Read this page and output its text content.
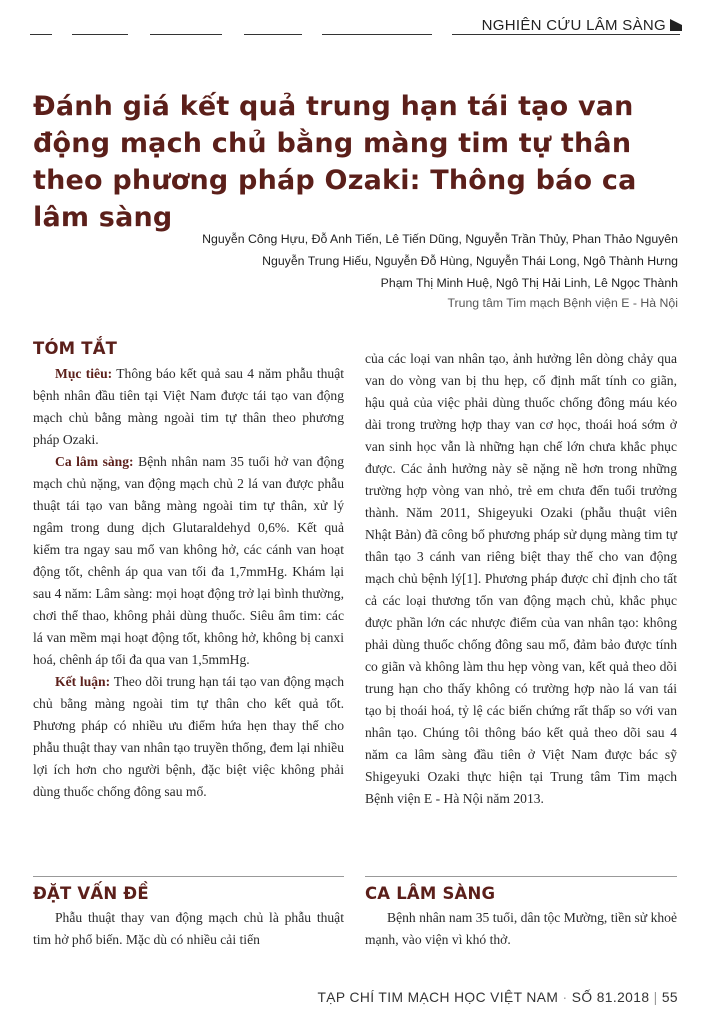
NGHIÊN CỨU LÂM SÀNG
Đánh giá kết quả trung hạn tái tạo van động mạch chủ bằng màng tim tự thân theo phương pháp Ozaki: Thông báo ca lâm sàng
Nguyễn Công Hựu, Đỗ Anh Tiến, Lê Tiến Dũng, Nguyễn Trần Thủy, Phan Thảo Nguyên
Nguyễn Trung Hiếu, Nguyễn Đỗ Hùng, Nguyễn Thái Long, Ngô Thành Hưng
Phạm Thị Minh Huệ, Ngô Thị Hải Linh, Lê Ngọc Thành
Trung tâm Tim mạch Bệnh viện E - Hà Nội
TÓM TẮT

Mục tiêu: Thông báo kết quả sau 4 năm phẫu thuật bệnh nhân đầu tiên tại Việt Nam được tái tạo van động mạch chủ bằng màng ngoài tim tự thân theo phương pháp Ozaki.

Ca lâm sàng: Bệnh nhân nam 35 tuổi hở van động mạch chủ nặng, van động mạch chủ 2 lá van được phẫu thuật tái tạo van bằng màng ngoài tim tự thân, xử lý ngâm trong dung dịch Glutaraldehyd 0,6%. Kết quả kiểm tra ngay sau mổ van không hở, các cánh van hoạt động tốt, chênh áp qua van tối đa 1,7mmHg. Khám lại sau 4 năm: Lâm sàng: mọi hoạt động trở lại bình thường, chơi thể thao, không phải dùng thuốc. Siêu âm tim: các lá van mềm mại hoạt động tốt, không hở, không bị canxi hoá, chênh áp tối đa qua van 1,5mmHg.

Kết luận: Theo dõi trung hạn tái tạo van động mạch chủ bằng màng ngoài tim tự thân cho kết quả tốt. Phương pháp có nhiều ưu điểm hứa hẹn thay thế cho phẫu thuật thay van nhân tạo truyền thống, đem lại nhiều lợi ích hơn cho người bệnh, đặc biệt việc không phải dùng thuốc chống đông sau mổ.

ĐẶT VẤN ĐỀ

Phẫu thuật thay van động mạch chủ là phẫu thuật tim hở phổ biến. Mặc dù có nhiều cải tiến

của các loại van nhân tạo, ảnh hưởng lên dòng chảy qua van do vòng van bị thu hẹp, cố định mất tính co giãn, hậu quả của việc phải dùng thuốc chống đông máu kéo dài trong trường hợp thay van cơ học, thoái hoá sớm ở van sinh học vẫn là những hạn chế lớn chưa khắc phục được. Các ảnh hưởng này sẽ nặng nề hơn trong những trường hợp vòng van nhỏ, trẻ em chưa đến tuổi trưởng thành. Năm 2011, Shigeyuki Ozaki (phẫu thuật viên Nhật Bản) đã công bố phương pháp sử dụng màng tim tự thân tạo 3 cánh van riêng biệt thay thế cho van động mạch chủ bệnh lý[1]. Phương pháp được chỉ định cho tất cả các loại thương tổn van động mạch chủ, khắc phục được phần lớn các nhược điểm của van nhân tạo: không phải dùng thuốc chống đông sau mổ, đảm bảo được tính co giãn và không làm thu hẹp vòng van, kết quả theo dõi trung hạn cho thấy không có trường hợp nào lá van tái tạo bị thoái hoá, tỷ lệ các biến chứng rất thấp so với van nhân tạo. Chúng tôi thông báo kết quả theo dõi sau 4 năm ca lâm sàng đầu tiên ở Việt Nam được bác sỹ Shigeyuki Ozaki thực hiện tại Trung tâm Tim mạch Bệnh viện E - Hà Nội năm 2013.

CA LÂM SÀNG

Bệnh nhân nam 35 tuổi, dân tộc Mường, tiền sử khoẻ mạnh, vào viện vì khó thở.

TẠP CHÍ TIM MẠCH HỌC VIỆT NAM · SỐ 81.2018 | 55
